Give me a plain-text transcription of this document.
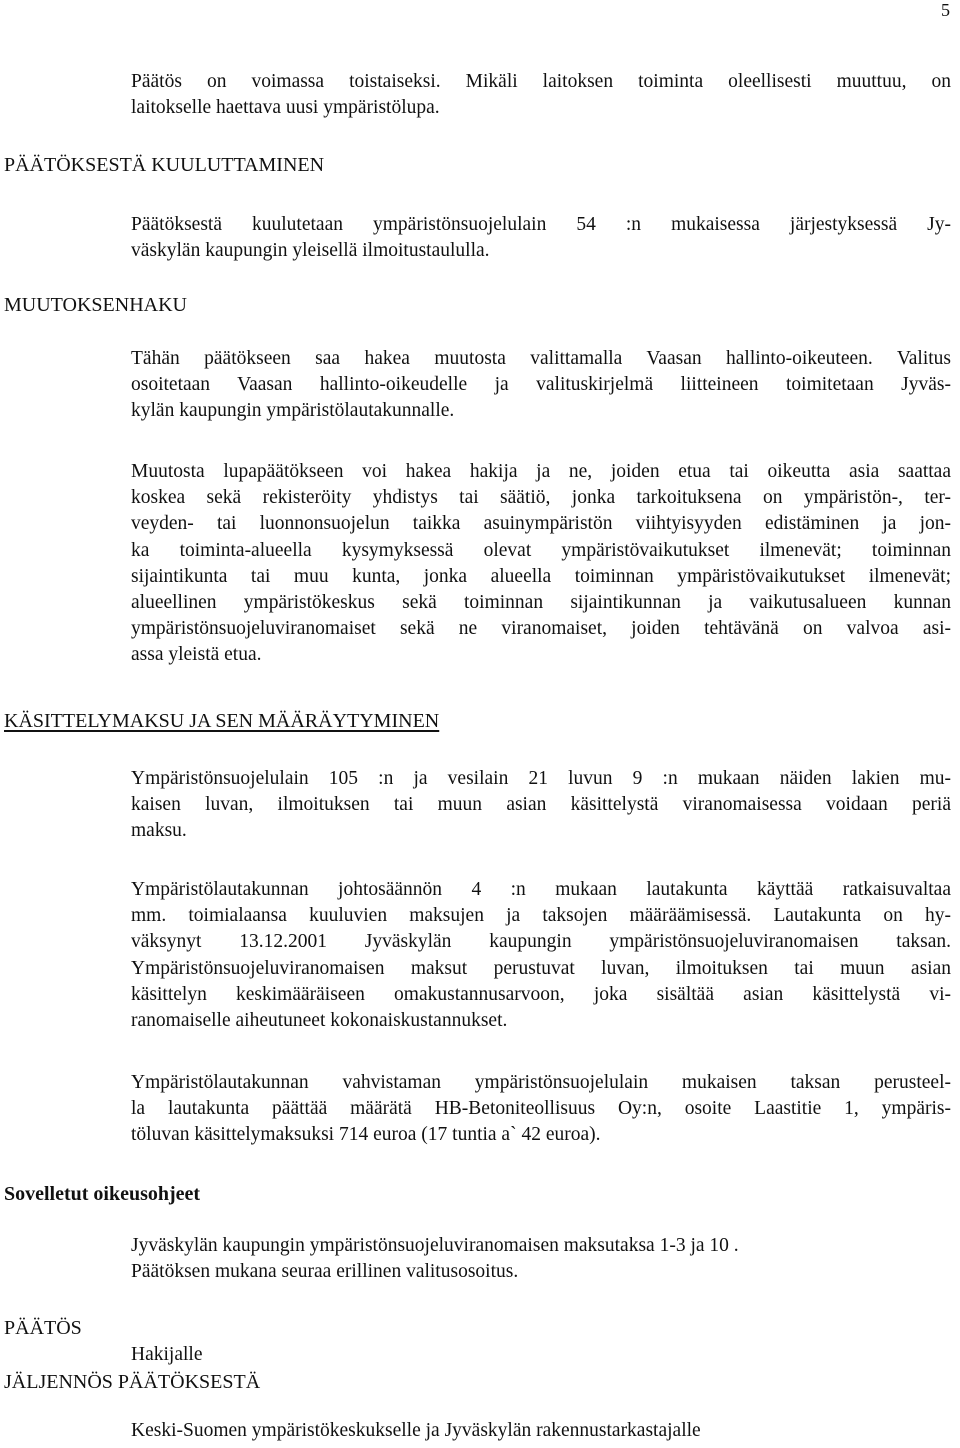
5
Päätös on voimassa toistaiseksi. Mikäli laitoksen toiminta oleellisesti muuttuu, on
laitokselle haettava uusi ympäristölupa.
PÄÄTÖKSESTÄ KUULUTTAMINEN
Päätöksestä kuulutetaan ympäristönsuojelulain 54 :n mukaisessa järjestyksessä Jy-
väskylän kaupungin yleisellä ilmoitustaululla.
MUUTOKSENHAKU
Tähän päätökseen saa hakea muutosta valittamalla Vaasan hallinto-oikeuteen. Valitus
osoitetaan Vaasan hallinto-oikeudelle ja valituskirjelmä liitteineen toimitetaan Jyväs-
kylän kaupungin ympäristölautakunnalle.
Muutosta lupapäätökseen voi hakea hakija ja ne, joiden etua tai oikeutta asia saattaa
koskea sekä rekisteröity yhdistys tai säätiö, jonka tarkoituksena on ympäristön-, ter-
veyden- tai luonnonsuojelun taikka asuinympäristön viihtyisyyden edistäminen ja jon-
ka toiminta-alueella kysymyksessä olevat ympäristövaikutukset ilmenevät; toiminnan
sijaintikunta tai muu kunta, jonka alueella toiminnan ympäristövaikutukset ilmenevät;
alueellinen ympäristökeskus sekä toiminnan sijaintikunnan ja vaikutusalueen kunnan
ympäristönsuojeluviranomaiset sekä ne viranomaiset, joiden tehtävänä on valvoa asi-
assa yleistä etua.
KÄSITTELYMAKSU JA SEN MÄÄRÄYTYMINEN
Ympäristönsuojelulain 105 :n ja vesilain 21 luvun 9 :n mukaan näiden lakien mu-
kaisen luvan, ilmoituksen tai muun asian käsittelystä viranomaisessa voidaan periä
maksu.
Ympäristölautakunnan johtosäännön 4 :n mukaan lautakunta käyttää ratkaisuvaltaa
mm. toimialaansa kuuluvien maksujen ja taksojen määräämisessä. Lautakunta on hy-
väksynyt 13.12.2001 Jyväskylän kaupungin ympäristönsuojeluviranomaisen taksan.
Ympäristönsuojeluviranomaisen maksut perustuvat luvan, ilmoituksen tai muun asian
käsittelyn keskimääräiseen omakustannusarvoon, joka sisältää asian käsittelystä vi-
ranomaiselle aiheutuneet kokonaiskustannukset.
Ympäristölautakunnan vahvistaman ympäristönsuojelulain mukaisen taksan perusteel-
la lautakunta päättää määrätä HB-Betoniteollisuus Oy:n, osoite Laastitie 1, ympäris-
töluvan käsittelymaksuksi 714 euroa (17 tuntia a` 42 euroa).
Sovelletut oikeusohjeet
Jyväskylän kaupungin ympäristönsuojeluviranomaisen maksutaksa 1-3 ja 10 .
Päätöksen mukana seuraa erillinen valitusosoitus.
PÄÄTÖS
Hakijalle
JÄLJENNÖS PÄÄTÖKSESTÄ
Keski-Suomen ympäristökeskukselle ja Jyväskylän rakennustarkastajalle
